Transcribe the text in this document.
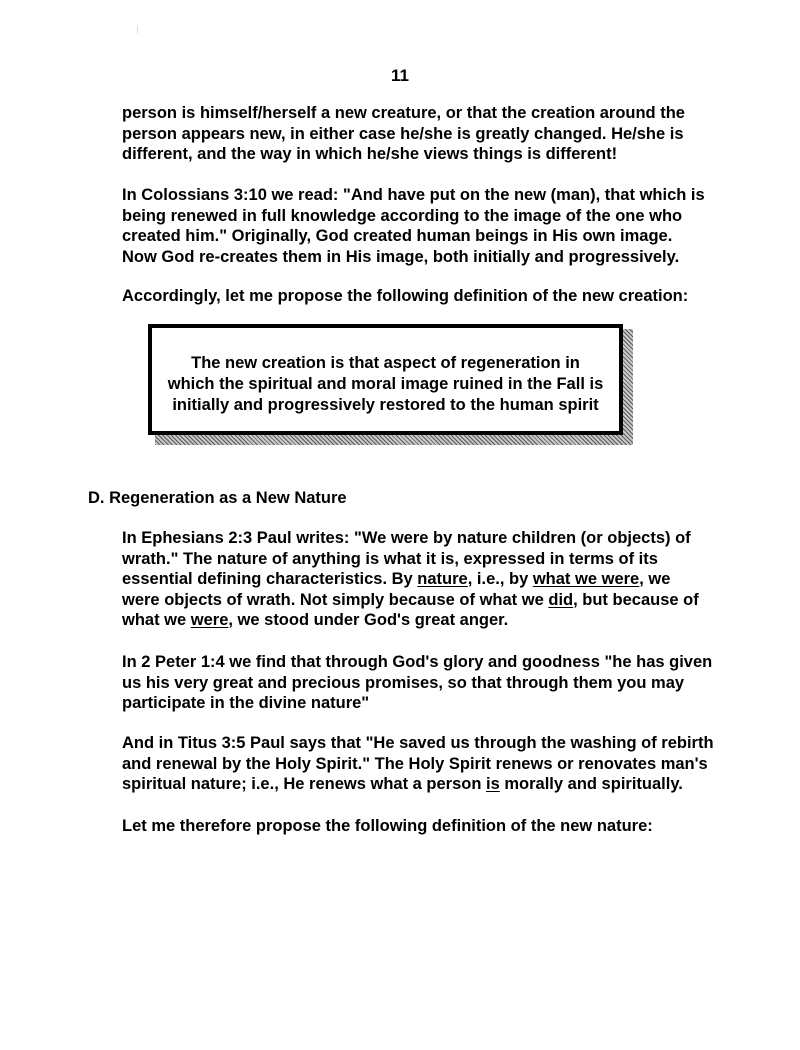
11

person is himself/herself a new creature, or that the creation around the
person appears new, in either case he/she is greatly changed. He/she is
different, and the way in which he/she views things is different!

In Colossians 3:10 we read: "And have put on the new (man), that which is
being renewed in full knowledge according to the image of the one who
created him." Originally, God created human beings in His own image.
Now God re-creates them in His image, both initially and progressively.

Accordingly, let me propose the following definition of the new creation:

The new creation is that aspect of regeneration in
which the spiritual and moral image ruined in the Fall is
initially and progressively restored to the human spirit
D. Regeneration as a New Nature

In Ephesians 2:3 Paul writes: "We were by nature children (or objects) of
wrath." The nature of anything is what it is, expressed in terms of its
essential defining characteristics. By nature, i.e., by what we were, we
were objects of wrath. Not simply because of what we did, but because of
what we were, we stood under God's great anger.

In 2 Peter 1:4 we find that through God's glory and goodness "he has given
us his very great and precious promises, so that through them you may
participate in the divine nature"

And in Titus 3:5 Paul says that "He saved us through the washing of rebirth
and renewal by the Holy Spirit." The Holy Spirit renews or renovates man's
spiritual nature; i.e., He renews what a person is morally and spiritually.

Let me therefore propose the following definition of the new nature:
